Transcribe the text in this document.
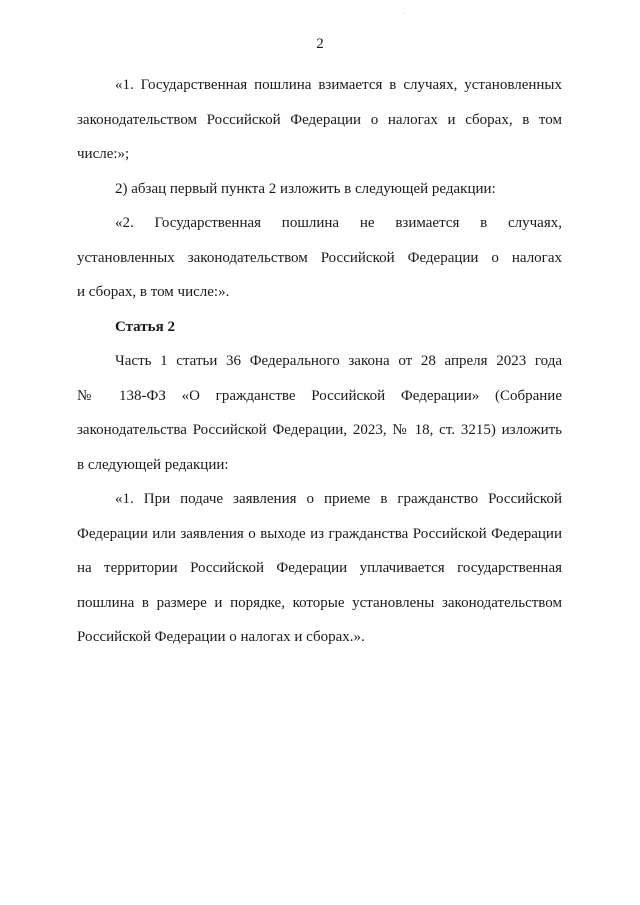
2
«1. Государственная пошлина взимается в случаях, установленных
законодательством Российской Федерации о налогах и сборах, в том
числе:»;
2) абзац первый пункта 2 изложить в следующей редакции:
«2. Государственная пошлина не взимается в случаях,
установленных законодательством Российской Федерации о налогах
и сборах, в том числе:».
Статья 2
Часть 1 статьи 36 Федерального закона от 28 апреля 2023 года
№ 138-ФЗ «О гражданстве Российской Федерации» (Собрание
законодательства Российской Федерации, 2023, № 18, ст. 3215) изложить
в следующей редакции:
«1. При подаче заявления о приеме в гражданство Российской
Федерации или заявления о выходе из гражданства Российской Федерации
на территории Российской Федерации уплачивается государственная
пошлина в размере и порядке, которые установлены законодательством
Российской Федерации о налогах и сборах.».
